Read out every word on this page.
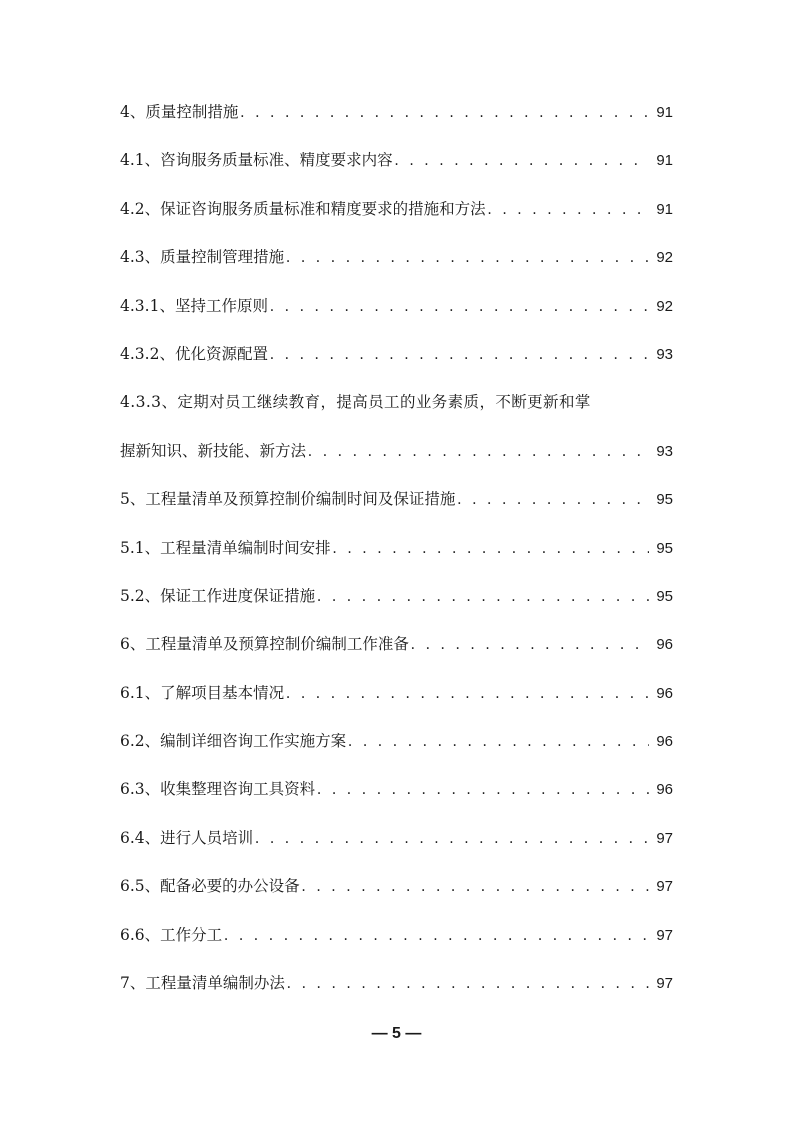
4、质量控制措施 . . .	91
4.1、咨询服务质量标准、精度要求内容 . . .	91
4.2、保证咨询服务质量标准和精度要求的措施和方法 . . .	91
4.3、质量控制管理措施 . . .	92
4.3.1、坚持工作原则 . . .	92
4.3.2、优化资源配置 . . .	93
4.3.3、定期对员工继续教育，提高员工的业务素质，不断更新和掌
握新知识、新技能、新方法 . . .	93
5、工程量清单及预算控制价编制时间及保证措施 . . .	95
5.1、工程量清单编制时间安排 . . .	95
5.2、保证工作进度保证措施 . . .	95
6、工程量清单及预算控制价编制工作准备 . . .	96
6.1、了解项目基本情况 . . .	96
6.2、编制详细咨询工作实施方案 . . .	96
6.3、收集整理咨询工具资料 . . .	96
6.4、进行人员培训 . . .	97
6.5、配备必要的办公设备 . . .	97
6.6、工作分工 . . .	97
7、工程量清单编制办法 . . .	97
— 5 —
